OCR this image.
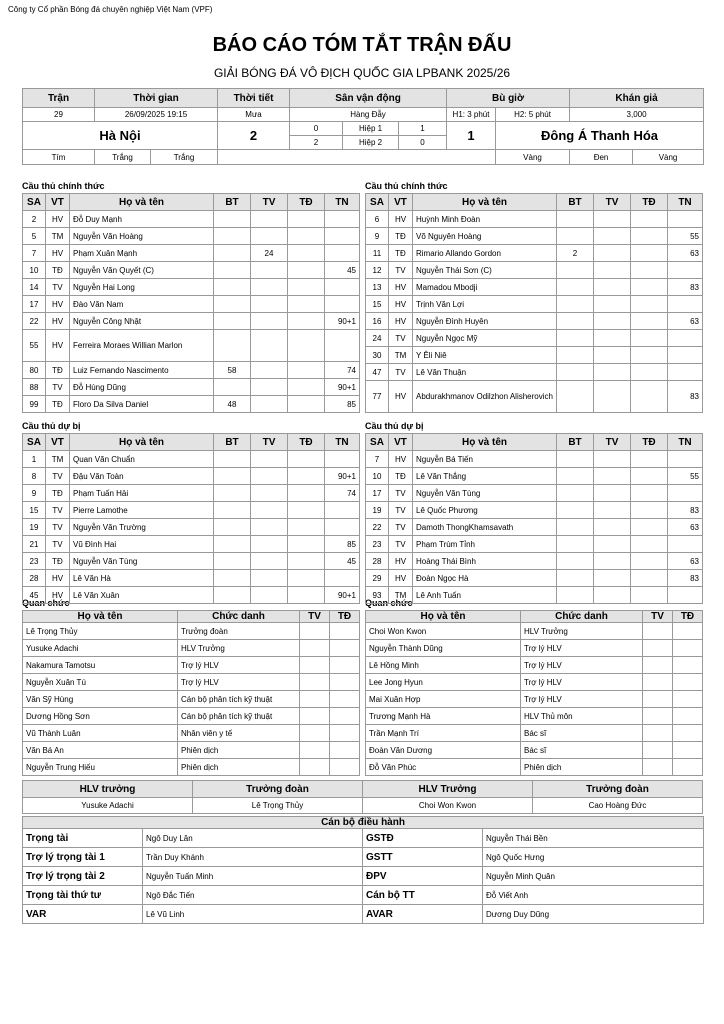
Công ty Cổ phần Bóng đá chuyên nghiệp Việt Nam (VPF)
BÁO CÁO TÓM TẮT TRẬN ĐẤU
GIẢI BÓNG ĐÁ VÔ ĐỊCH QUỐC GIA LPBANK 2025/26
Trận	Thời gian		Thời tiết	Sân vận động			Bù giờ		Khán giả	
29	26/09/2025 19:15		Mưa	Hàng Đẫy			H1: 3 phút	H2: 5 phút	3,000	
Hà Nội			2	0	Hiệp 1	1	1	Đông Á Thanh Hóa		
				2	Hiệp 2	0				
Tím	Trắng	Trắng						Vàng	Đen	Vàng
Cầu thủ chính thức	Cầu thủ chính thức
Cầu thủ dự bị	Cầu thủ dự bị
Quan chức	Quan chức
SA	VT	Họ và tên	BT	TV	TĐ	TN
2	HV	Đỗ Duy Mạnh				
5	TM	Nguyễn Văn Hoàng				
7	HV	Phạm Xuân Mạnh		24		
10	TĐ	Nguyễn Văn Quyết (C)				45
14	TV	Nguyễn Hai Long				
17	HV	Đào Văn Nam				
22	HV	Nguyễn Công Nhật				90+1
55	HV	Ferreira Moraes Willian Marlon				
80	TĐ	Luiz Fernando Nascimento	58			74
88	TV	Đỗ Hùng Dũng				90+1
99	TĐ	Floro Da Silva Daniel	48			85
SA	VT	Họ và tên	BT	TV	TĐ	TN
6	HV	Huỳnh Minh Đoàn				
9	TĐ	Võ Nguyên Hoàng				55
11	TĐ	Rimario Allando Gordon	2			63
12	TV	Nguyễn Thái Sơn (C)				
13	HV	Mamadou Mbodji				83
15	HV	Trịnh Văn Lợi				
16	HV	Nguyễn Đình Huyên				63
24	TV	Nguyễn Ngọc Mỹ				
30	TM	Y Êli Niê				
47	TV	Lê Văn Thuận				
77	HV	Abdurakhmanov Odilzhon Alisherovich				83
SA	VT	Họ và tên	BT	TV	TĐ	TN
1	TM	Quan Văn Chuẩn				
8	TV	Đậu Văn Toàn				90+1
9	TĐ	Phạm Tuấn Hải				74
15	TV	Pierre Lamothe				
19	TV	Nguyễn Văn Trường				
21	TV	Vũ Đình Hai				85
23	TĐ	Nguyễn Văn Tùng				45
28	HV	Lê Văn Hà				
45	HV	Lê Văn Xuân				90+1
SA	VT	Họ và tên	BT	TV	TĐ	TN
7	HV	Nguyễn Bá Tiến				
10	TĐ	Lê Văn Thắng				55
17	TV	Nguyễn Văn Tùng				
19	TV	Lê Quốc Phương				83
22	TV	Damoth ThongKhamsavath				63
23	TV	Phạm Trùm Tỉnh				
28	HV	Hoàng Thái Bình				63
29	HV	Đoàn Ngọc Hà				83
93	TM	Lê Anh Tuấn				
Họ và tên	Chức danh	TV	TĐ
Lê Trọng Thủy	Trưởng đoàn		
Yusuke Adachi	HLV Trưởng		
Nakamura Tamotsu	Trợ lý HLV		
Nguyễn Xuân Tú	Trợ lý HLV		
Văn Sỹ Hùng	Cán bộ phân tích kỹ thuật		
Dương Hồng Sơn	Cán bộ phân tích kỹ thuật		
Vũ Thành Luân	Nhân viên y tế		
Văn Bá An	Phiên dịch		
Nguyễn Trung Hiếu	Phiên dịch		
Họ và tên	Chức danh	TV	TĐ
Choi Won Kwon	HLV Trưởng		
Nguyễn Thành Dũng	Trợ lý HLV		
Lê Hồng Minh	Trợ lý HLV		
Lee Jong Hyun	Trợ lý HLV		
Mai Xuân Hợp	Trợ lý HLV		
Trương Mạnh Hà	HLV Thủ môn		
Trần Mạnh Trí	Bác sĩ		
Đoàn Văn Dương	Bác sĩ		
Đỗ Văn Phúc	Phiên dịch		
HLV trưởng	Trưởng đoàn	HLV Trưởng	Trưởng đoàn
Yusuke Adachi	Lê Trọng Thủy	Choi Won Kwon	Cao Hoàng Đức
Cán bộ điều hành			
Trọng tài	Ngô Duy Lân	GSTĐ	Nguyễn Thái Bền
Trợ lý trọng tài 1	Trần Duy Khánh	GSTT	Ngô Quốc Hưng
Trợ lý trọng tài 2	Nguyễn Tuấn Minh	ĐPV	Nguyễn Minh Quân
Trọng tài thứ tư	Ngô Đắc Tiến	Cán bộ TT	Đỗ Viết Anh
VAR	Lê Vũ Linh	AVAR	Dương Duy Dũng
